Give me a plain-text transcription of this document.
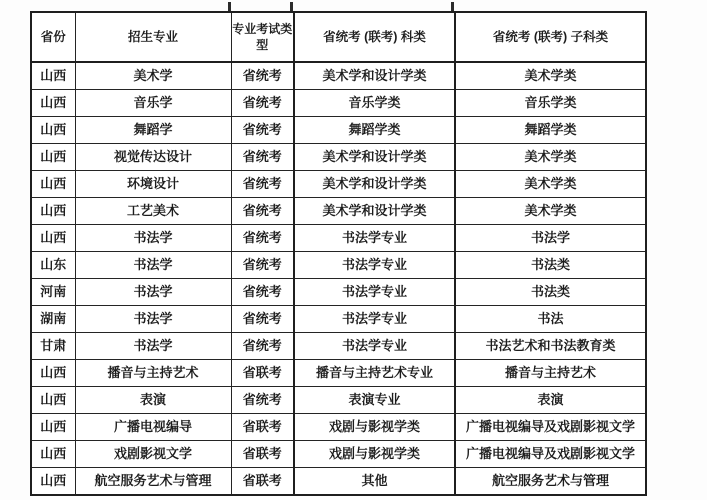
省份	招生专业	专业考试类型	省统考 (联考) 科类	省统考 (联考) 子科类
山西	美术学	省统考	美术学和设计学类	美术学类
山西	音乐学	省统考	音乐学类	音乐学类
山西	舞蹈学	省统考	舞蹈学类	舞蹈学类
山西	视觉传达设计	省统考	美术学和设计学类	美术学类
山西	环境设计	省统考	美术学和设计学类	美术学类
山西	工艺美术	省统考	美术学和设计学类	美术学类
山西	书法学	省统考	书法学专业	书法学
山东	书法学	省统考	书法学专业	书法类
河南	书法学	省统考	书法学专业	书法类
湖南	书法学	省统考	书法学专业	书法
甘肃	书法学	省统考	书法学专业	书法艺术和书法教育类
山西	播音与主持艺术	省联考	播音与主持艺术专业	播音与主持艺术
山西	表演	省统考	表演专业	表演
山西	广播电视编导	省联考	戏剧与影视学类	广播电视编导及戏剧影视文学
山西	戏剧影视文学	省联考	戏剧与影视学类	广播电视编导及戏剧影视文学
山西	航空服务艺术与管理	省联考	其他	航空服务艺术与管理
